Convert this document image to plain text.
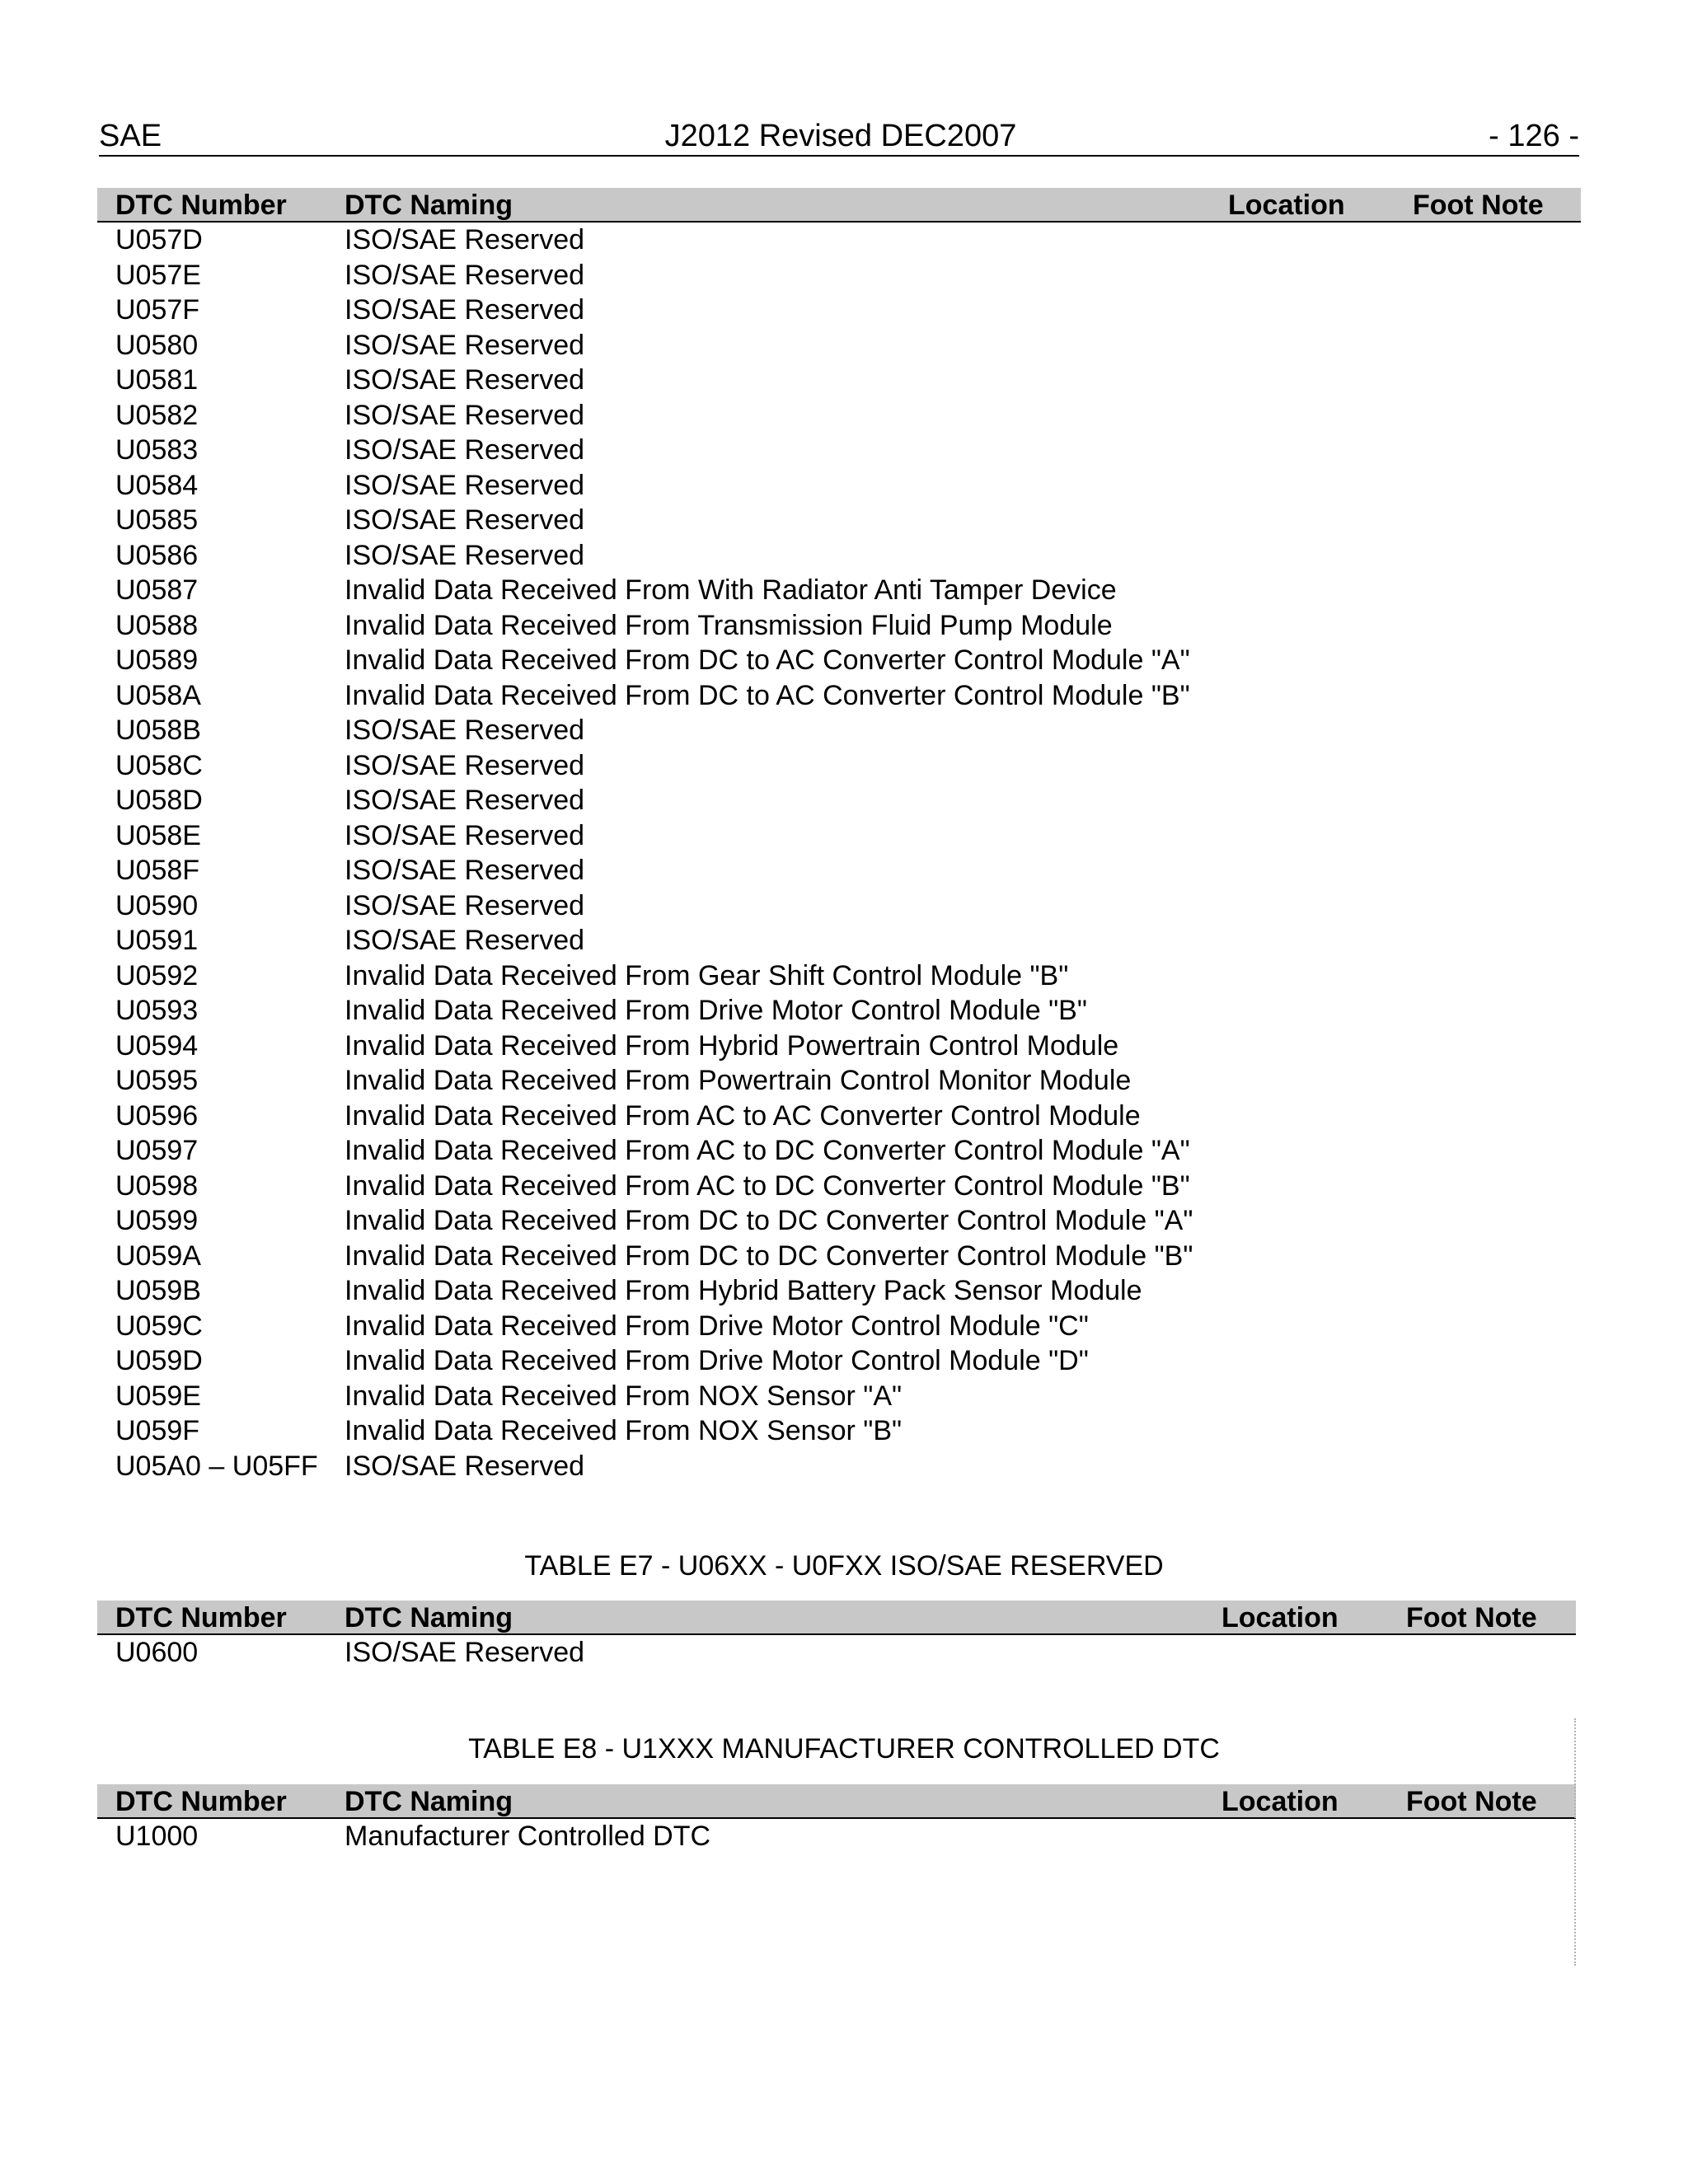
SAE	J2012 Revised DEC2007	- 126 -
DTC Number DTC Naming	Location Foot Note
U057D	ISO/SAE Reserved
U057E	ISO/SAE Reserved
U057F	ISO/SAE Reserved
U0580	ISO/SAE Reserved
U0581	ISO/SAE Reserved
U0582	ISO/SAE Reserved
U0583	ISO/SAE Reserved
U0584	ISO/SAE Reserved
U0585	ISO/SAE Reserved
U0586	ISO/SAE Reserved
U0587	Invalid Data Received From With Radiator Anti Tamper Device
U0588	Invalid Data Received From Transmission Fluid Pump Module
U0589	Invalid Data Received From DC to AC Converter Control Module "A"
U058A	Invalid Data Received From DC to AC Converter Control Module "B"
U058B	ISO/SAE Reserved
U058C	ISO/SAE Reserved
U058D	ISO/SAE Reserved
U058E	ISO/SAE Reserved
U058F	ISO/SAE Reserved
U0590	ISO/SAE Reserved
U0591	ISO/SAE Reserved
U0592	Invalid Data Received From Gear Shift Control Module "B"
U0593	Invalid Data Received From Drive Motor Control Module "B"
U0594	Invalid Data Received From Hybrid Powertrain Control Module
U0595	Invalid Data Received From Powertrain Control Monitor Module
U0596	Invalid Data Received From AC to AC Converter Control Module
U0597	Invalid Data Received From AC to DC Converter Control Module "A"
U0598	Invalid Data Received From AC to DC Converter Control Module "B"
U0599	Invalid Data Received From DC to DC Converter Control Module "A"
U059A	Invalid Data Received From DC to DC Converter Control Module "B"
U059B	Invalid Data Received From Hybrid Battery Pack Sensor Module
U059C	Invalid Data Received From Drive Motor Control Module "C"
U059D	Invalid Data Received From Drive Motor Control Module "D"
U059E	Invalid Data Received From NOX Sensor "A"
U059F	Invalid Data Received From NOX Sensor "B"
U05A0 – U05FF ISO/SAE Reserved
TABLE E7 - U06XX - U0FXX ISO/SAE RESERVED
DTC Number DTC Naming	Location Foot Note
U0600	ISO/SAE Reserved
TABLE E8 - U1XXX MANUFACTURER CONTROLLED DTC
DTC Number DTC Naming	Location Foot Note
U1000	Manufacturer Controlled DTC
